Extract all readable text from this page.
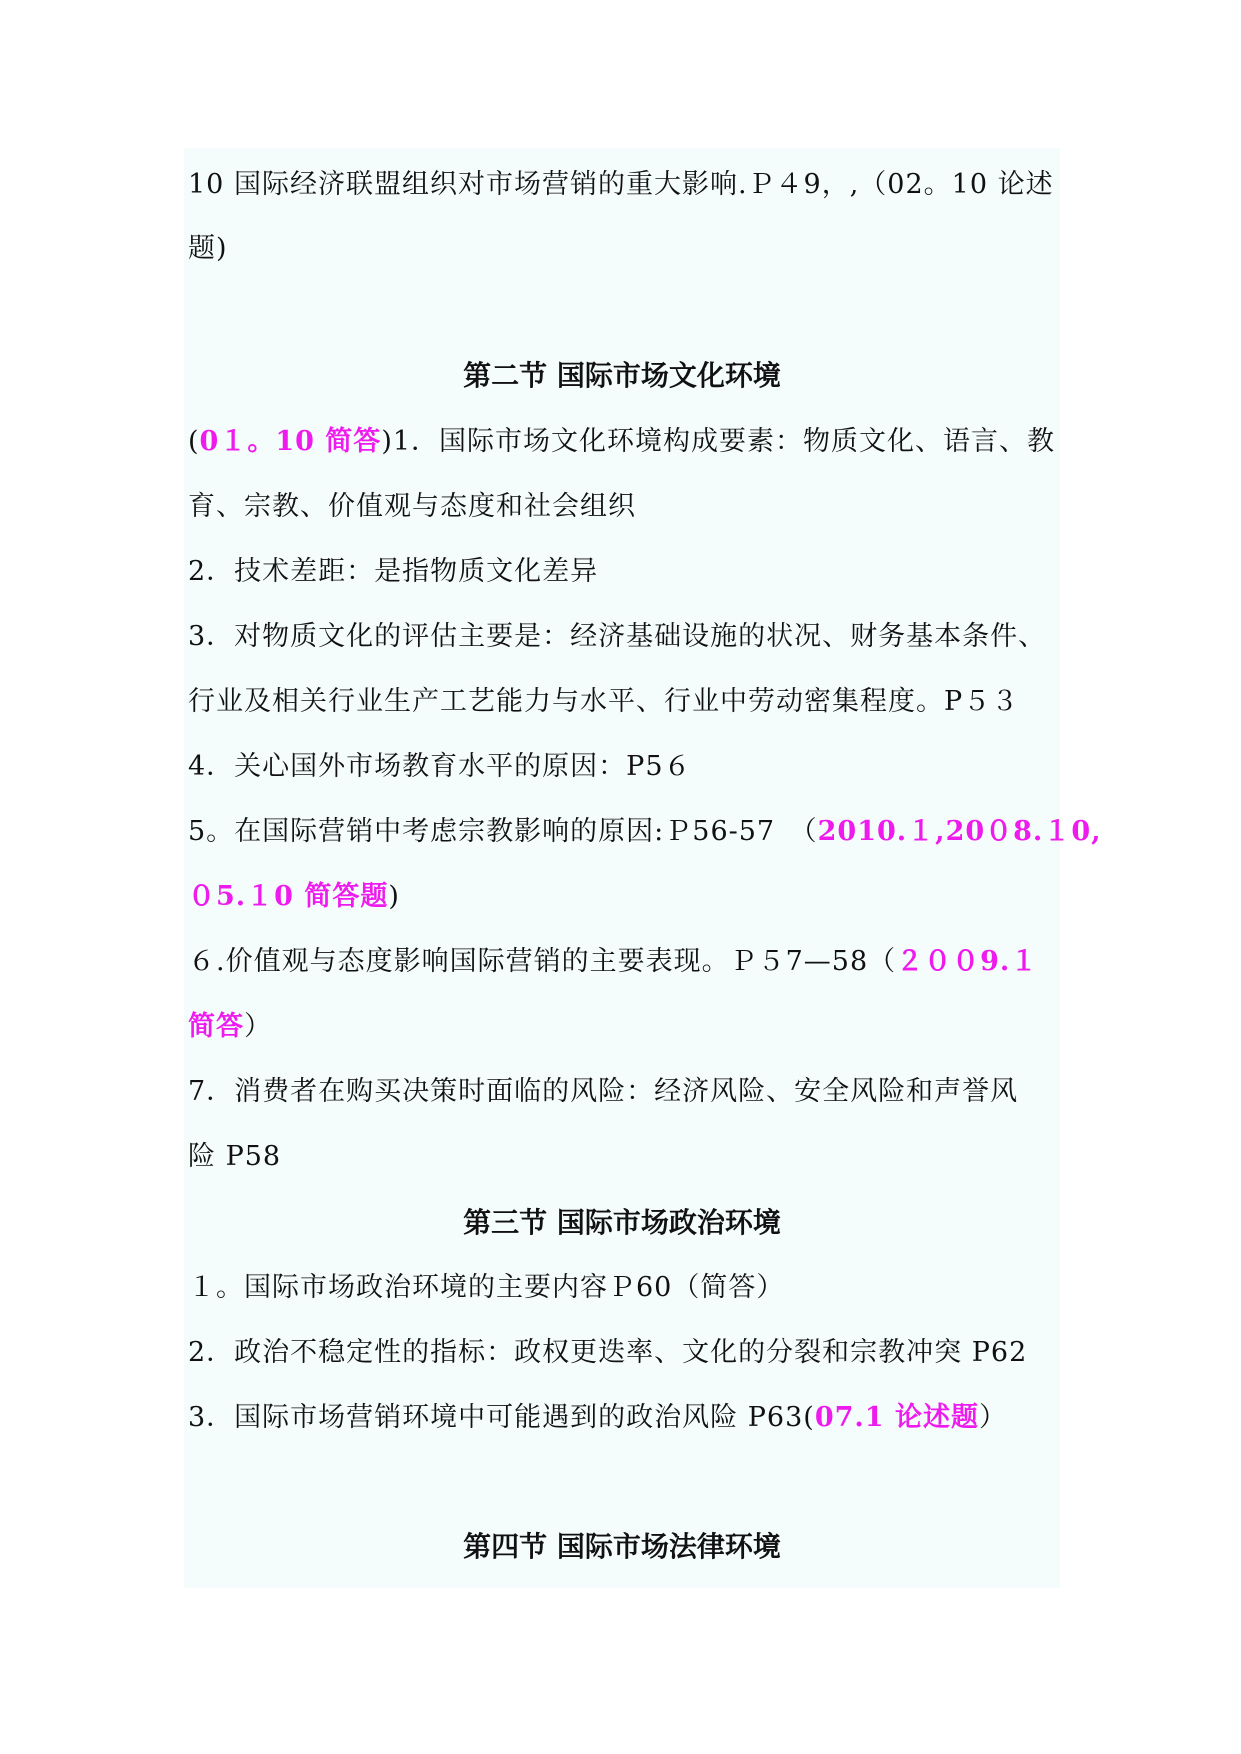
10 国际经济联盟组织对市场营销的重大影响.Ｐ４9，,（02。10 论述
题)
第二节 国际市场文化环境
(0１。10 简答)1．国际市场文化环境构成要素：物质文化、语言、教
育、宗教、价值观与态度和社会组织
2．技术差距：是指物质文化差异
3．对物质文化的评估主要是：经济基础设施的状况、财务基本条件、
行业及相关行业生产工艺能力与水平、行业中劳动密集程度。P５３
4．关心国外市场教育水平的原因：P5６
5。在国际营销中考虑宗教影响的原因:Ｐ56-57　（2010.１,20０8.１0,
０5.１0 简答题)
６.价值观与态度影响国际营销的主要表现。Ｐ５7—58（２００9.１
简答）
7．消费者在购买决策时面临的风险：经济风险、安全风险和声誉风
险 P58
第三节 国际市场政治环境
１。国际市场政治环境的主要内容Ｐ60（简答）
2．政治不稳定性的指标：政权更迭率、文化的分裂和宗教冲突 P62
3．国际市场营销环境中可能遇到的政治风险 P63(07.1 论述题）
第四节 国际市场法律环境
